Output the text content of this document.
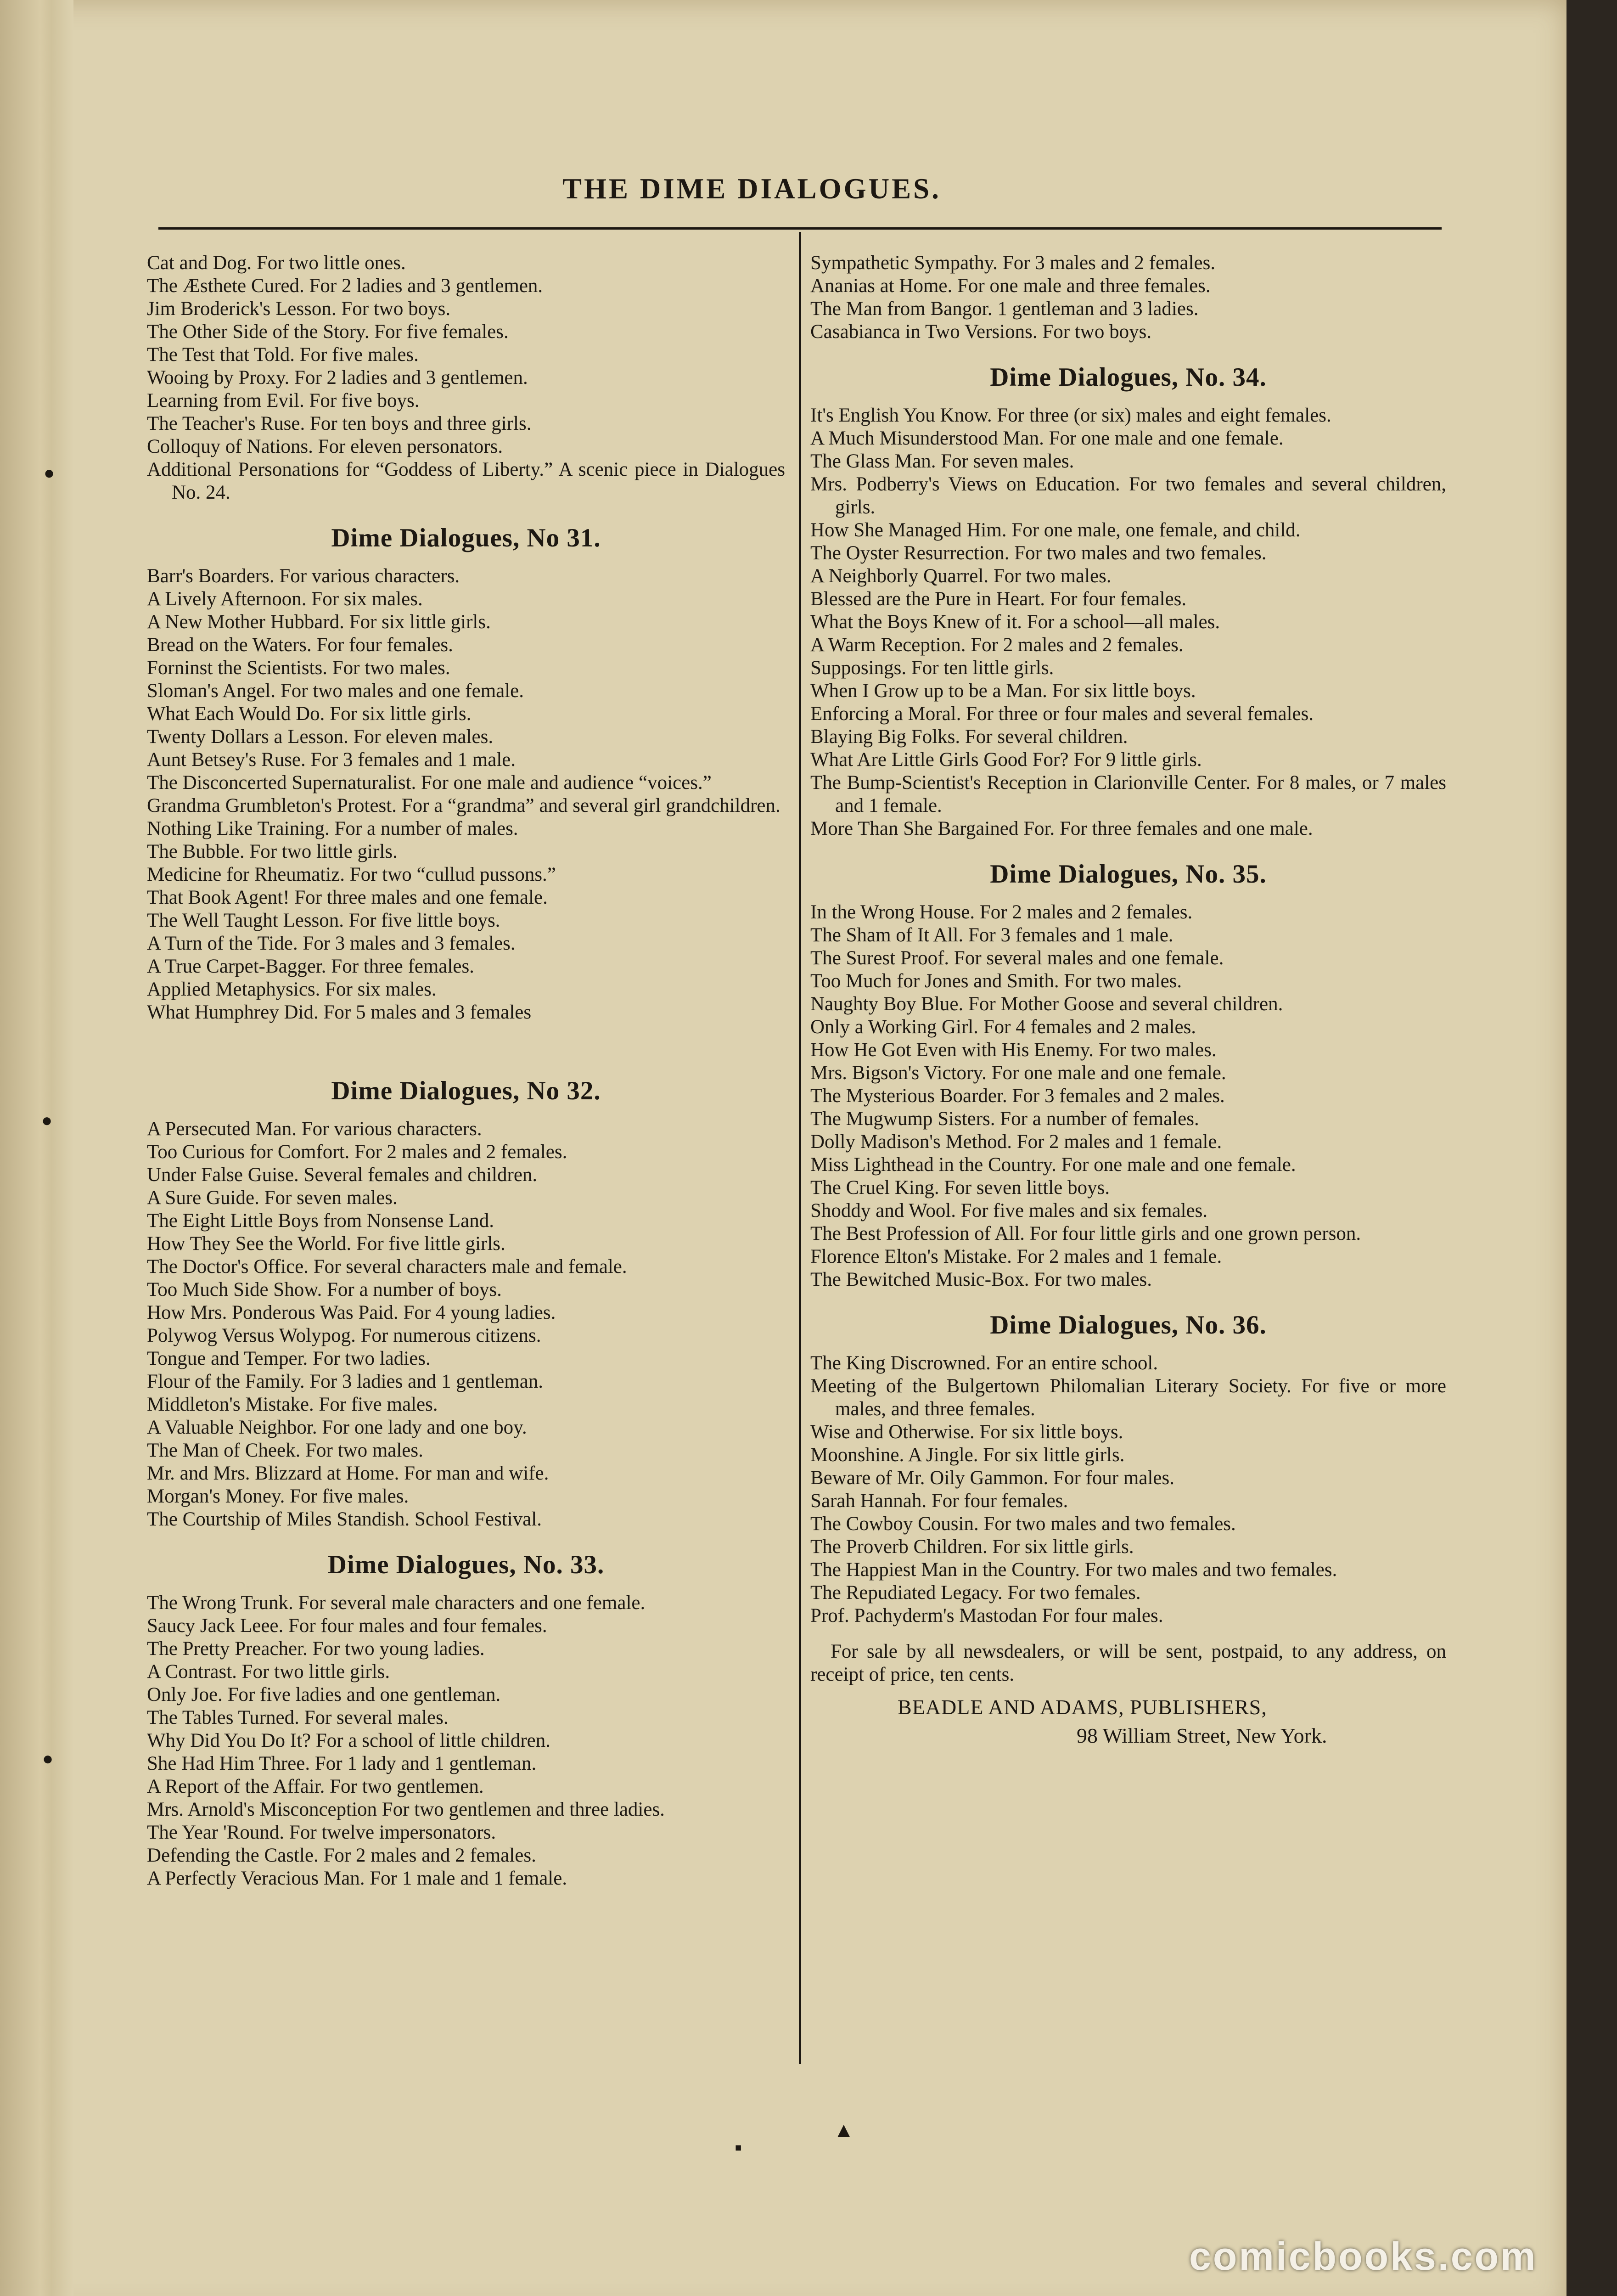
●
●
●
THE DIME DIALOGUES.

Cat and Dog. For two little ones.

The Æsthete Cured. For 2 ladies and 3 gentlemen.

Jim Broderick's Lesson. For two boys.

The Other Side of the Story. For five females.

The Test that Told. For five males.

Wooing by Proxy. For 2 ladies and 3 gentlemen.

Learning from Evil. For five boys.

The Teacher's Ruse. For ten boys and three girls.

Colloquy of Nations. For eleven personators.

Additional Personations for “Goddess of Liberty.” A scenic piece in Dialogues No. 24.

Dime Dialogues, No 31.

Barr's Boarders. For various characters.

A Lively Afternoon. For six males.

A New Mother Hubbard. For six little girls.

Bread on the Waters. For four females.

Forninst the Scientists. For two males.

Sloman's Angel. For two males and one female.

What Each Would Do. For six little girls.

Twenty Dollars a Lesson. For eleven males.

Aunt Betsey's Ruse. For 3 females and 1 male.

The Disconcerted Supernaturalist. For one male and audience “voices.”

Grandma Grumbleton's Protest. For a “grandma” and several girl grandchildren.

Nothing Like Training. For a number of males.

The Bubble. For two little girls.

Medicine for Rheumatiz. For two “cullud pussons.”

That Book Agent! For three males and one female.

The Well Taught Lesson. For five little boys.

A Turn of the Tide. For 3 males and 3 females.

A True Carpet-Bagger. For three females.

Applied Metaphysics. For six males.

What Humphrey Did. For 5 males and 3 females

Dime Dialogues, No 32.

A Persecuted Man. For various characters.

Too Curious for Comfort. For 2 males and 2 females.

Under False Guise. Several females and children.

A Sure Guide. For seven males.

The Eight Little Boys from Nonsense Land.

How They See the World. For five little girls.

The Doctor's Office. For several characters male and female.

Too Much Side Show. For a number of boys.

How Mrs. Ponderous Was Paid. For 4 young ladies.

Polywog Versus Wolypog. For numerous citizens.

Tongue and Temper. For two ladies.

Flour of the Family. For 3 ladies and 1 gentleman.

Middleton's Mistake. For five males.

A Valuable Neighbor. For one lady and one boy.

The Man of Cheek. For two males.

Mr. and Mrs. Blizzard at Home. For man and wife.

Morgan's Money. For five males.

The Courtship of Miles Standish. School Festival.

Dime Dialogues, No. 33.

The Wrong Trunk. For several male characters and one female.

Saucy Jack Leee. For four males and four females.

The Pretty Preacher. For two young ladies.

A Contrast. For two little girls.

Only Joe. For five ladies and one gentleman.

The Tables Turned. For several males.

Why Did You Do It? For a school of little children.

She Had Him Three. For 1 lady and 1 gentleman.

A Report of the Affair. For two gentlemen.

Mrs. Arnold's Misconception For two gentlemen and three ladies.

The Year 'Round. For twelve impersonators.

Defending the Castle. For 2 males and 2 females.

A Perfectly Veracious Man. For 1 male and 1 female.

Sympathetic Sympathy. For 3 males and 2 females.

Ananias at Home. For one male and three females.

The Man from Bangor. 1 gentleman and 3 ladies.

Casabianca in Two Versions. For two boys.

Dime Dialogues, No. 34.

It's English You Know. For three (or six) males and eight females.

A Much Misunderstood Man. For one male and one female.

The Glass Man. For seven males.

Mrs. Podberry's Views on Education. For two females and several children, girls.

How She Managed Him. For one male, one female, and child.

The Oyster Resurrection. For two males and two females.

A Neighborly Quarrel. For two males.

Blessed are the Pure in Heart. For four females.

What the Boys Knew of it. For a school—all males.

A Warm Reception. For 2 males and 2 females.

Supposings. For ten little girls.

When I Grow up to be a Man. For six little boys.

Enforcing a Moral. For three or four males and several females.

Blaying Big Folks. For several children.

What Are Little Girls Good For? For 9 little girls.

The Bump-Scientist's Reception in Clarionville Center. For 8 males, or 7 males and 1 female.

More Than She Bargained For. For three females and one male.

Dime Dialogues, No. 35.

In the Wrong House. For 2 males and 2 females.

The Sham of It All. For 3 females and 1 male.

The Surest Proof. For several males and one female.

Too Much for Jones and Smith. For two males.

Naughty Boy Blue. For Mother Goose and several children.

Only a Working Girl. For 4 females and 2 males.

How He Got Even with His Enemy. For two males.

Mrs. Bigson's Victory. For one male and one female.

The Mysterious Boarder. For 3 females and 2 males.

The Mugwump Sisters. For a number of females.

Dolly Madison's Method. For 2 males and 1 female.

Miss Lighthead in the Country. For one male and one female.

The Cruel King. For seven little boys.

Shoddy and Wool. For five males and six females.

The Best Profession of All. For four little girls and one grown person.

Florence Elton's Mistake. For 2 males and 1 female.

The Bewitched Music-Box. For two males.

Dime Dialogues, No. 36.

The King Discrowned. For an entire school.

Meeting of the Bulgertown Philomalian Literary Society. For five or more males, and three females.

Wise and Otherwise. For six little boys.

Moonshine. A Jingle. For six little girls.

Beware of Mr. Oily Gammon. For four males.

Sarah Hannah. For four females.

The Cowboy Cousin. For two males and two females.

The Proverb Children. For six little girls.

The Happiest Man in the Country. For two males and two females.

The Repudiated Legacy. For two females.

Prof. Pachyderm's Mastodan For four males.

For sale by all newsdealers, or will be sent, postpaid, to any address, on receipt of price, ten cents.

BEADLE AND ADAMS, PUBLISHERS,
98 William Street, New York.
▪
▲
comicbooks.com
